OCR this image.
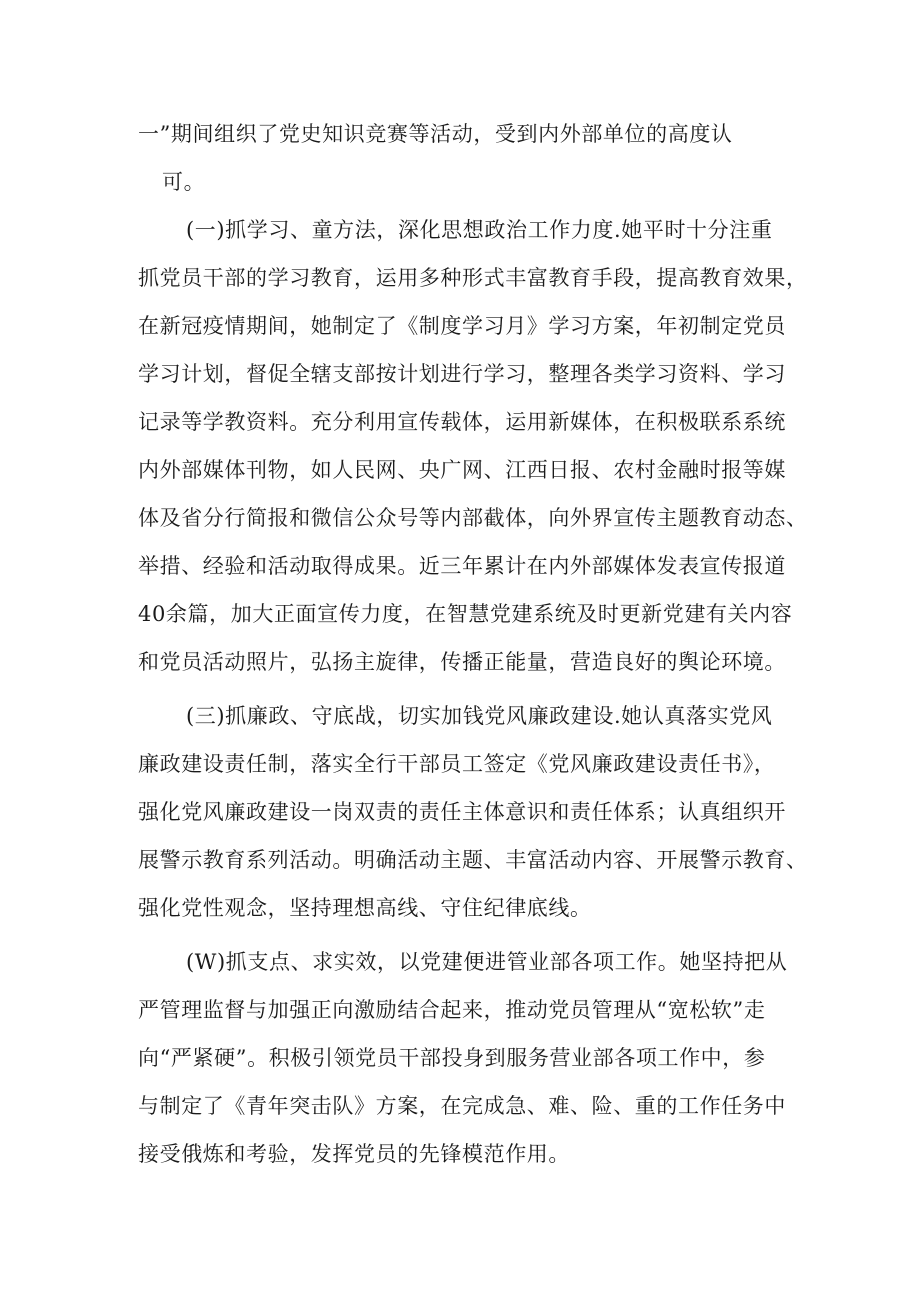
一”期间组织了党史知识竞赛等活动，受到内外部单位的高度认

可。

(一)抓学习、童方法，深化思想政治工作力度.她平时十分注重

抓党员干部的学习教育，运用多种形式丰富教育手段，提高教育效果，

在新冠疫情期间，她制定了《制度学习月》学习方案，年初制定党员

学习计划，督促全辖支部按计划进行学习，整理各类学习资料、学习

记录等学教资料。充分利用宣传载体，运用新媒体，在积极联系系统

内外部媒体刊物，如人民网、央广网、江西日报、农村金融时报等媒

体及省分行简报和微信公众号等内部截体，向外界宣传主题教育动态、

举措、经验和活动取得成果。近三年累计在内外部媒体发表宣传报道

40余篇，加大正面宣传力度，在智慧党建系统及时更新党建有关内容

和党员活动照片，弘扬主旋律，传播正能量，营造良好的舆论环境。

(三)抓廉政、守底战，切实加钱党风廉政建设.她认真落实党风

廉政建设责任制，落实全行干部员工签定《党风廉政建设责任书》，

强化党风廉政建设一岗双责的责任主体意识和责任体系；认真组织开

展警示教育系列活动。明确活动主题、丰富活动内容、开展警示教育、

强化党性观念，坚持理想高线、守住纪律底线。

(W)抓支点、求实效，以党建便进管业部各项工作。她坚持把从

严管理监督与加强正向激励结合起来，推动党员管理从“宽松软”走

向“严紧硬”。积极引领党员干部投身到服务营业部各项工作中，参

与制定了《青年突击队》方案，在完成急、难、险、重的工作任务中

接受俄炼和考验，发挥党员的先锋模范作用。
